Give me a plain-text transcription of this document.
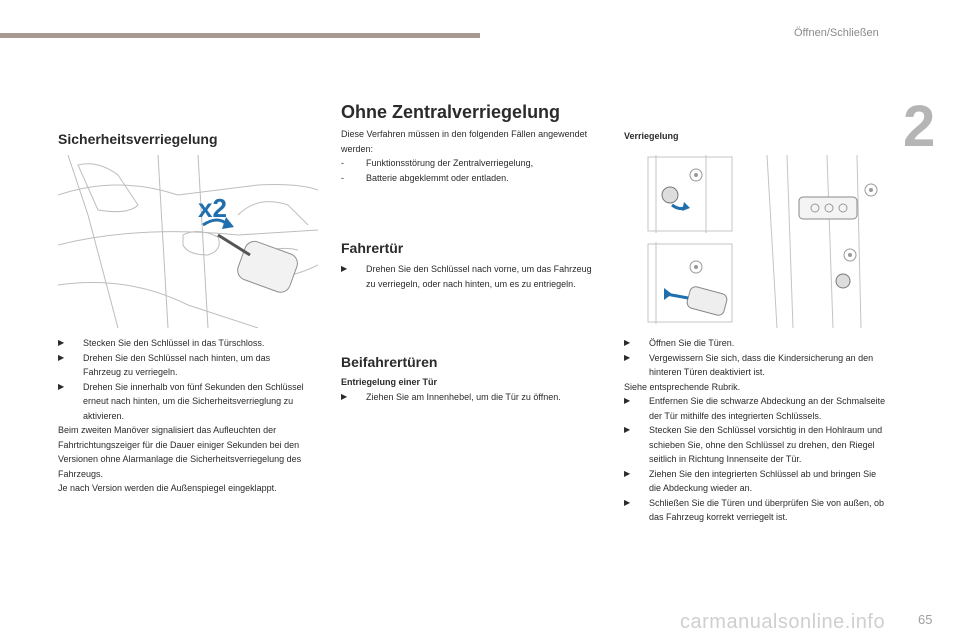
Öffnen/Schließen
2
Sicherheitsverriegelung
x2
▶ Stecken Sie den Schlüssel in das Türschloss.
▶ Drehen Sie den Schlüssel nach hinten, um das Fahrzeug zu verriegeln.
▶ Drehen Sie innerhalb von fünf Sekunden den Schlüssel erneut nach hinten, um die Sicherheitsverrieglung zu aktivieren.

Beim zweiten Manöver signalisiert das Aufleuchten der Fahrtrichtungszeiger für die Dauer einiger Sekunden bei den Versionen ohne Alarmanlage die Sicherheitsverriegelung des Fahrzeugs.

Je nach Version werden die Außenspiegel eingeklappt.

Ohne Zentralverriegelung

Diese Verfahren müssen in den folgenden Fällen angewendet werden:

- Funktionsstörung der Zentralverriegelung,
- Batterie abgeklemmt oder entladen.
Fahrertür
▶ Drehen Sie den Schlüssel nach vorne, um das Fahrzeug zu verriegeln, oder nach hinten, um es zu entriegeln.
Beifahrertüren
Entriegelung einer Tür
▶ Ziehen Sie am Innenhebel, um die Tür zu öffnen.
Verriegelung
▶ Öffnen Sie die Türen.
▶ Vergewissern Sie sich, dass die Kindersicherung an den hinteren Türen deaktiviert ist.

Siehe entsprechende Rubrik.

▶ Entfernen Sie die schwarze Abdeckung an der Schmalseite der Tür mithilfe des integrierten Schlüssels.
▶ Stecken Sie den Schlüssel vorsichtig in den Hohlraum und schieben Sie, ohne den Schlüssel zu drehen, den Riegel seitlich in Richtung Innenseite der Tür.
▶ Ziehen Sie den integrierten Schlüssel ab und bringen Sie die Abdeckung wieder an.
▶ Schließen Sie die Türen und überprüfen Sie von außen, ob das Fahrzeug korrekt verriegelt ist.
carmanualsonline.info	65
